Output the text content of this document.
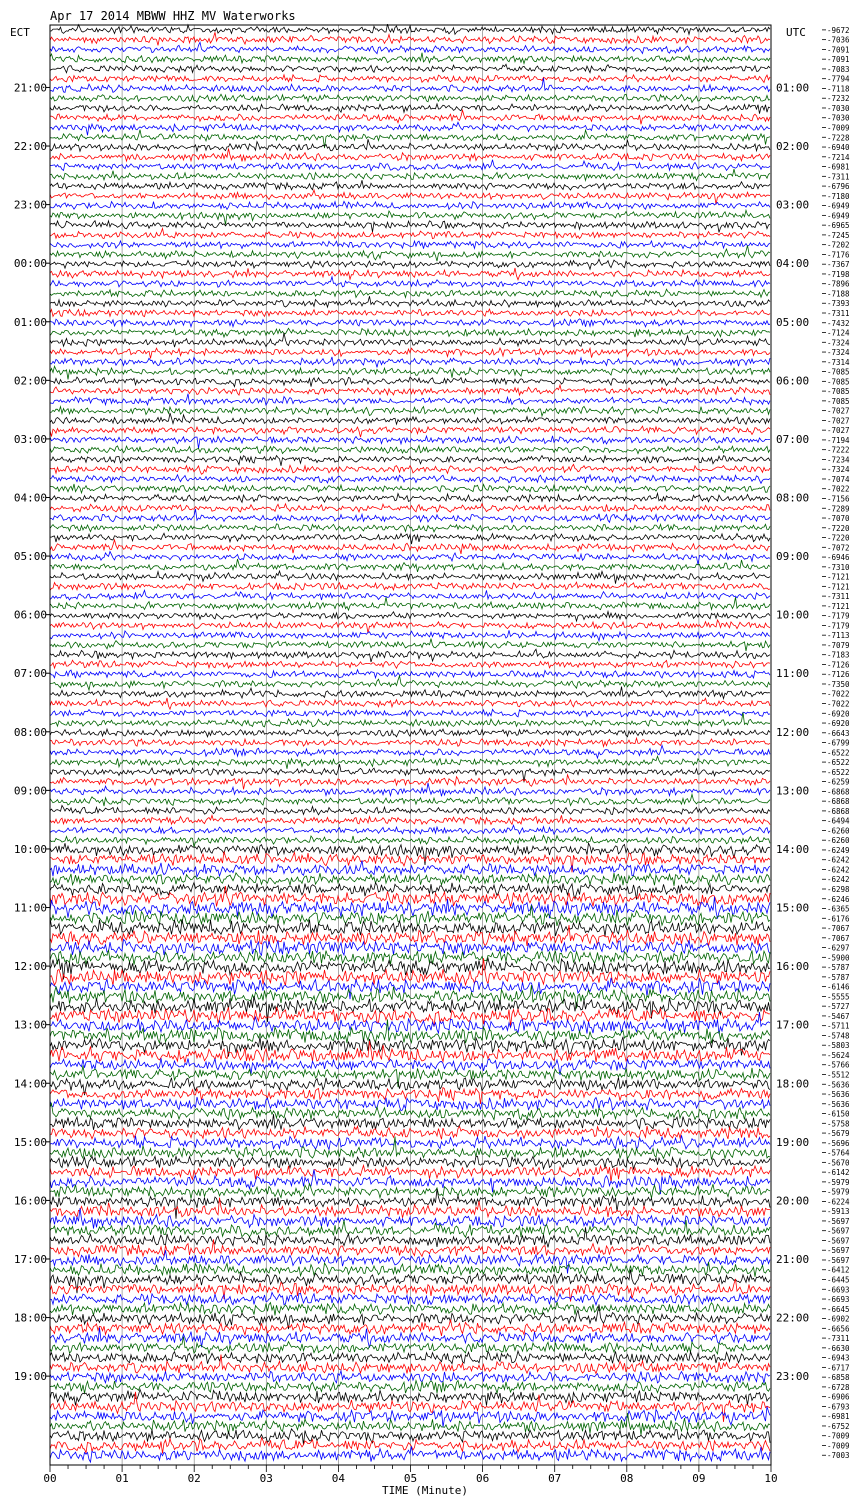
00	01	02	03	04	05	06	07	08	09	10
21:00
22:00
23:00
00:00
01:00
02:00
03:00
04:00
05:00
06:00
07:00
08:00
09:00
10:00
11:00
12:00
13:00
14:00
15:00
16:00
17:00
18:00
19:00
01:00
02:00
03:00
04:00
05:00
06:00
07:00
08:00
09:00
10:00
11:00
12:00
13:00
14:00
15:00
16:00
17:00
18:00
19:00
20:00
21:00
22:00
23:00
-9672
-7036
-7091
-7091
-7083
-7794
-7118
-7232
-7030
-7030
-7009
-7228
-6940
-7214
-6981
-7311
-6796
-7180
-6949
-6949
-6965
-7245
-7202
-7176
-7367
-7198
-7896
-7188
-7393
-7311
-7432
-7124
-7324
-7324
-7314
-7085
-7085
-7085
-7085
-7027
-7027
-7027
-7194
-7222
-7234
-7324
-7074
-7022
-7156
-7289
-7070
-7220
-7220
-7072
-6946
-7310
-7121
-7121
-7311
-7121
-7179
-7179
-7113
-7079
-7183
-7126
-7126
-7350
-7022
-7022
-6920
-6920
-6643
-6799
-6522
-6522
-6522
-6259
-6868
-6868
-6868
-6494
-6260
-6260
-6249
-6242
-6242
-6242
-6298
-6246
-6365
-6176
-7067
-7067
-6297
-5900
-5787
-5787
-6146
-5555
-5727
-5467
-5711
-5748
-5803
-5624
-5766
-5512
-5636
-5636
-5636
-6150
-5758
-5679
-5696
-5764
-5670
-6142
-5979
-5979
-6224
-5913
-5697
-5697
-5697
-5697
-5697
-6412
-6445
-6693
-6693
-6645
-6902
-6656
-7311
-6630
-6943
-6717
-6858
-6728
-6906
-6793
-6981
-6752
-7009
-7009
-7003
Apr 17 2014 MBWW HHZ MV Waterworks
ECT	UTC
TIME (Minute)
